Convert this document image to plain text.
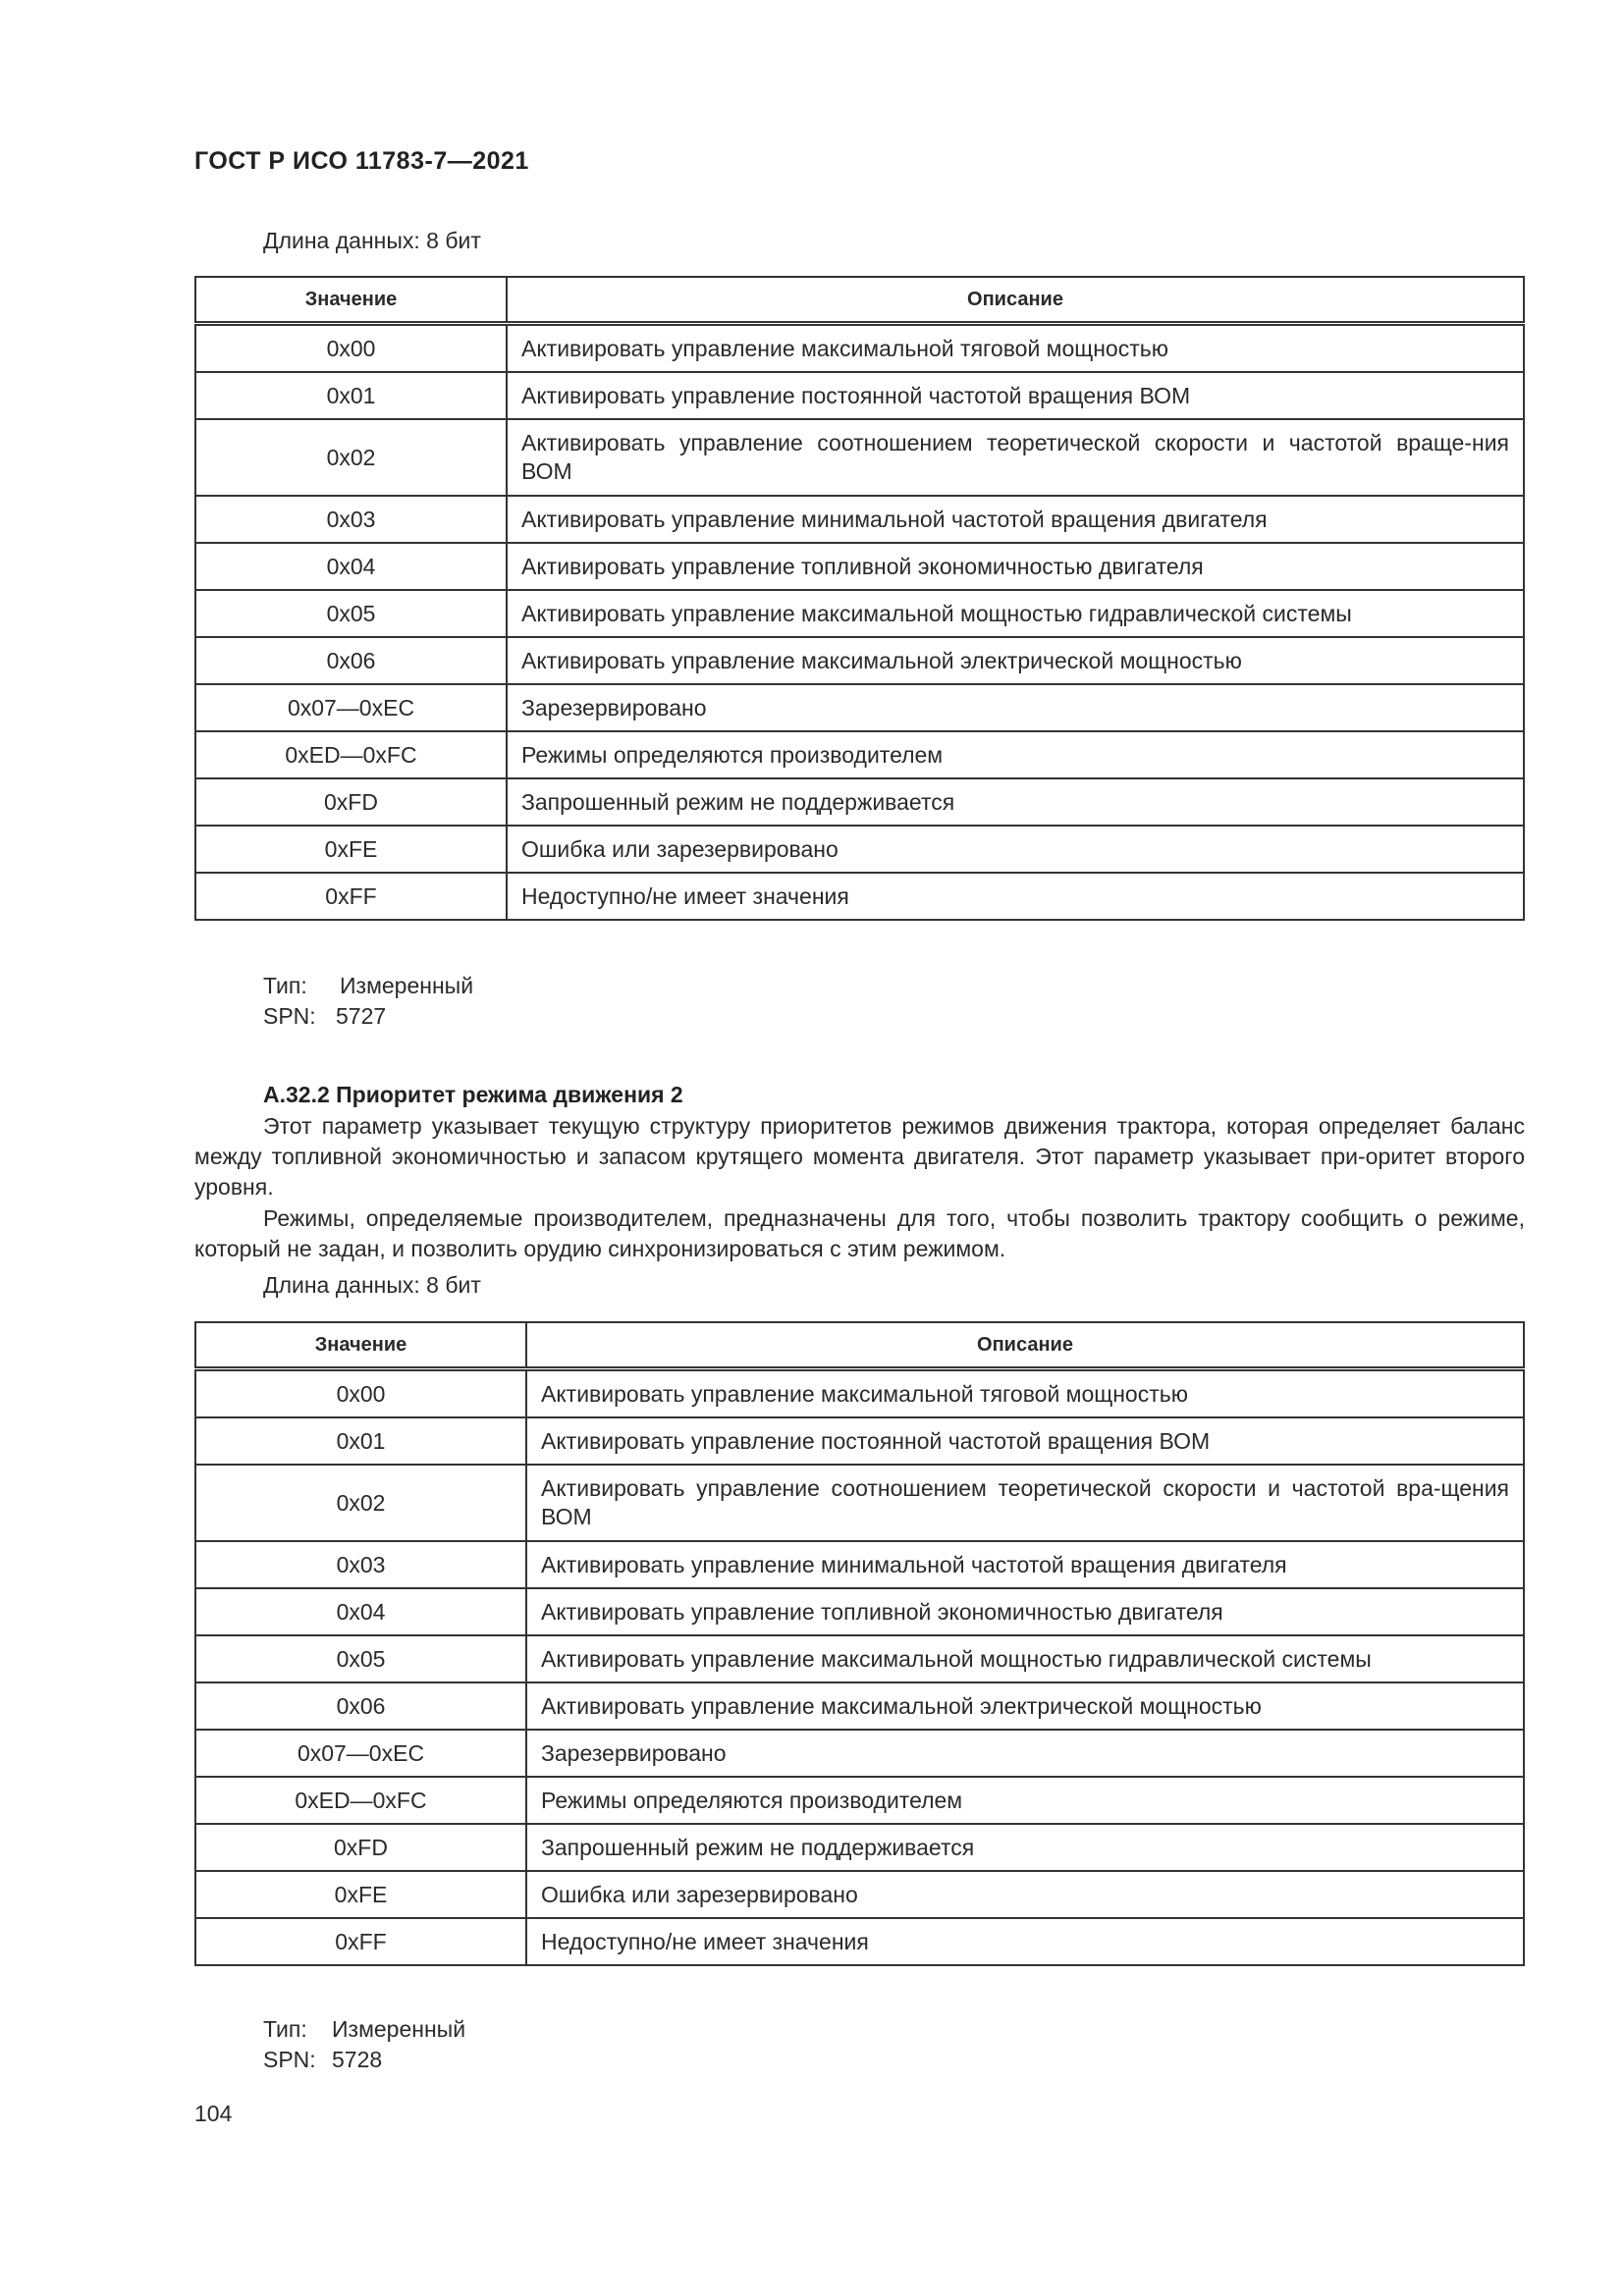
ГОСТ Р ИСО 11783-7—2021
Длина данных: 8 бит
Значение	Описание
0x00	Активировать управление максимальной тяговой мощностью
0x01	Активировать управление постоянной частотой вращения ВОМ
0x02	Активировать управление соотношением теоретической скорости и частотой враще-ния ВОМ
0x03	Активировать управление минимальной частотой вращения двигателя
0x04	Активировать управление топливной экономичностью двигателя
0x05	Активировать управление максимальной мощностью гидравлической системы
0x06	Активировать управление максимальной электрической мощностью
0x07—0xEC	Зарезервировано
0xED—0xFC	Режимы определяются производителем
0xFD	Запрошенный режим не поддерживается
0xFE	Ошибка или зарезервировано
0xFF	Недоступно/не имеет значения
Тип: Измеренный
SPN: 5727
А.32.2 Приоритет режима движения 2
Этот параметр указывает текущую структуру приоритетов режимов движения трактора, которая определяет баланс между топливной экономичностью и запасом крутящего момента двигателя. Этот параметр указывает при-оритет второго уровня.
Режимы, определяемые производителем, предназначены для того, чтобы позволить трактору сообщить о режиме, который не задан, и позволить орудию синхронизироваться с этим режимом.
Длина данных: 8 бит
Значение	Описание
0x00	Активировать управление максимальной тяговой мощностью
0x01	Активировать управление постоянной частотой вращения ВОМ
0x02	Активировать управление соотношением теоретической скорости и частотой вра-щения ВОМ
0x03	Активировать управление минимальной частотой вращения двигателя
0x04	Активировать управление топливной экономичностью двигателя
0x05	Активировать управление максимальной мощностью гидравлической системы
0x06	Активировать управление максимальной электрической мощностью
0x07—0xEC	Зарезервировано
0xED—0xFC	Режимы определяются производителем
0xFD	Запрошенный режим не поддерживается
0xFE	Ошибка или зарезервировано
0xFF	Недоступно/не имеет значения
Тип: Измеренный
SPN: 5728
104
